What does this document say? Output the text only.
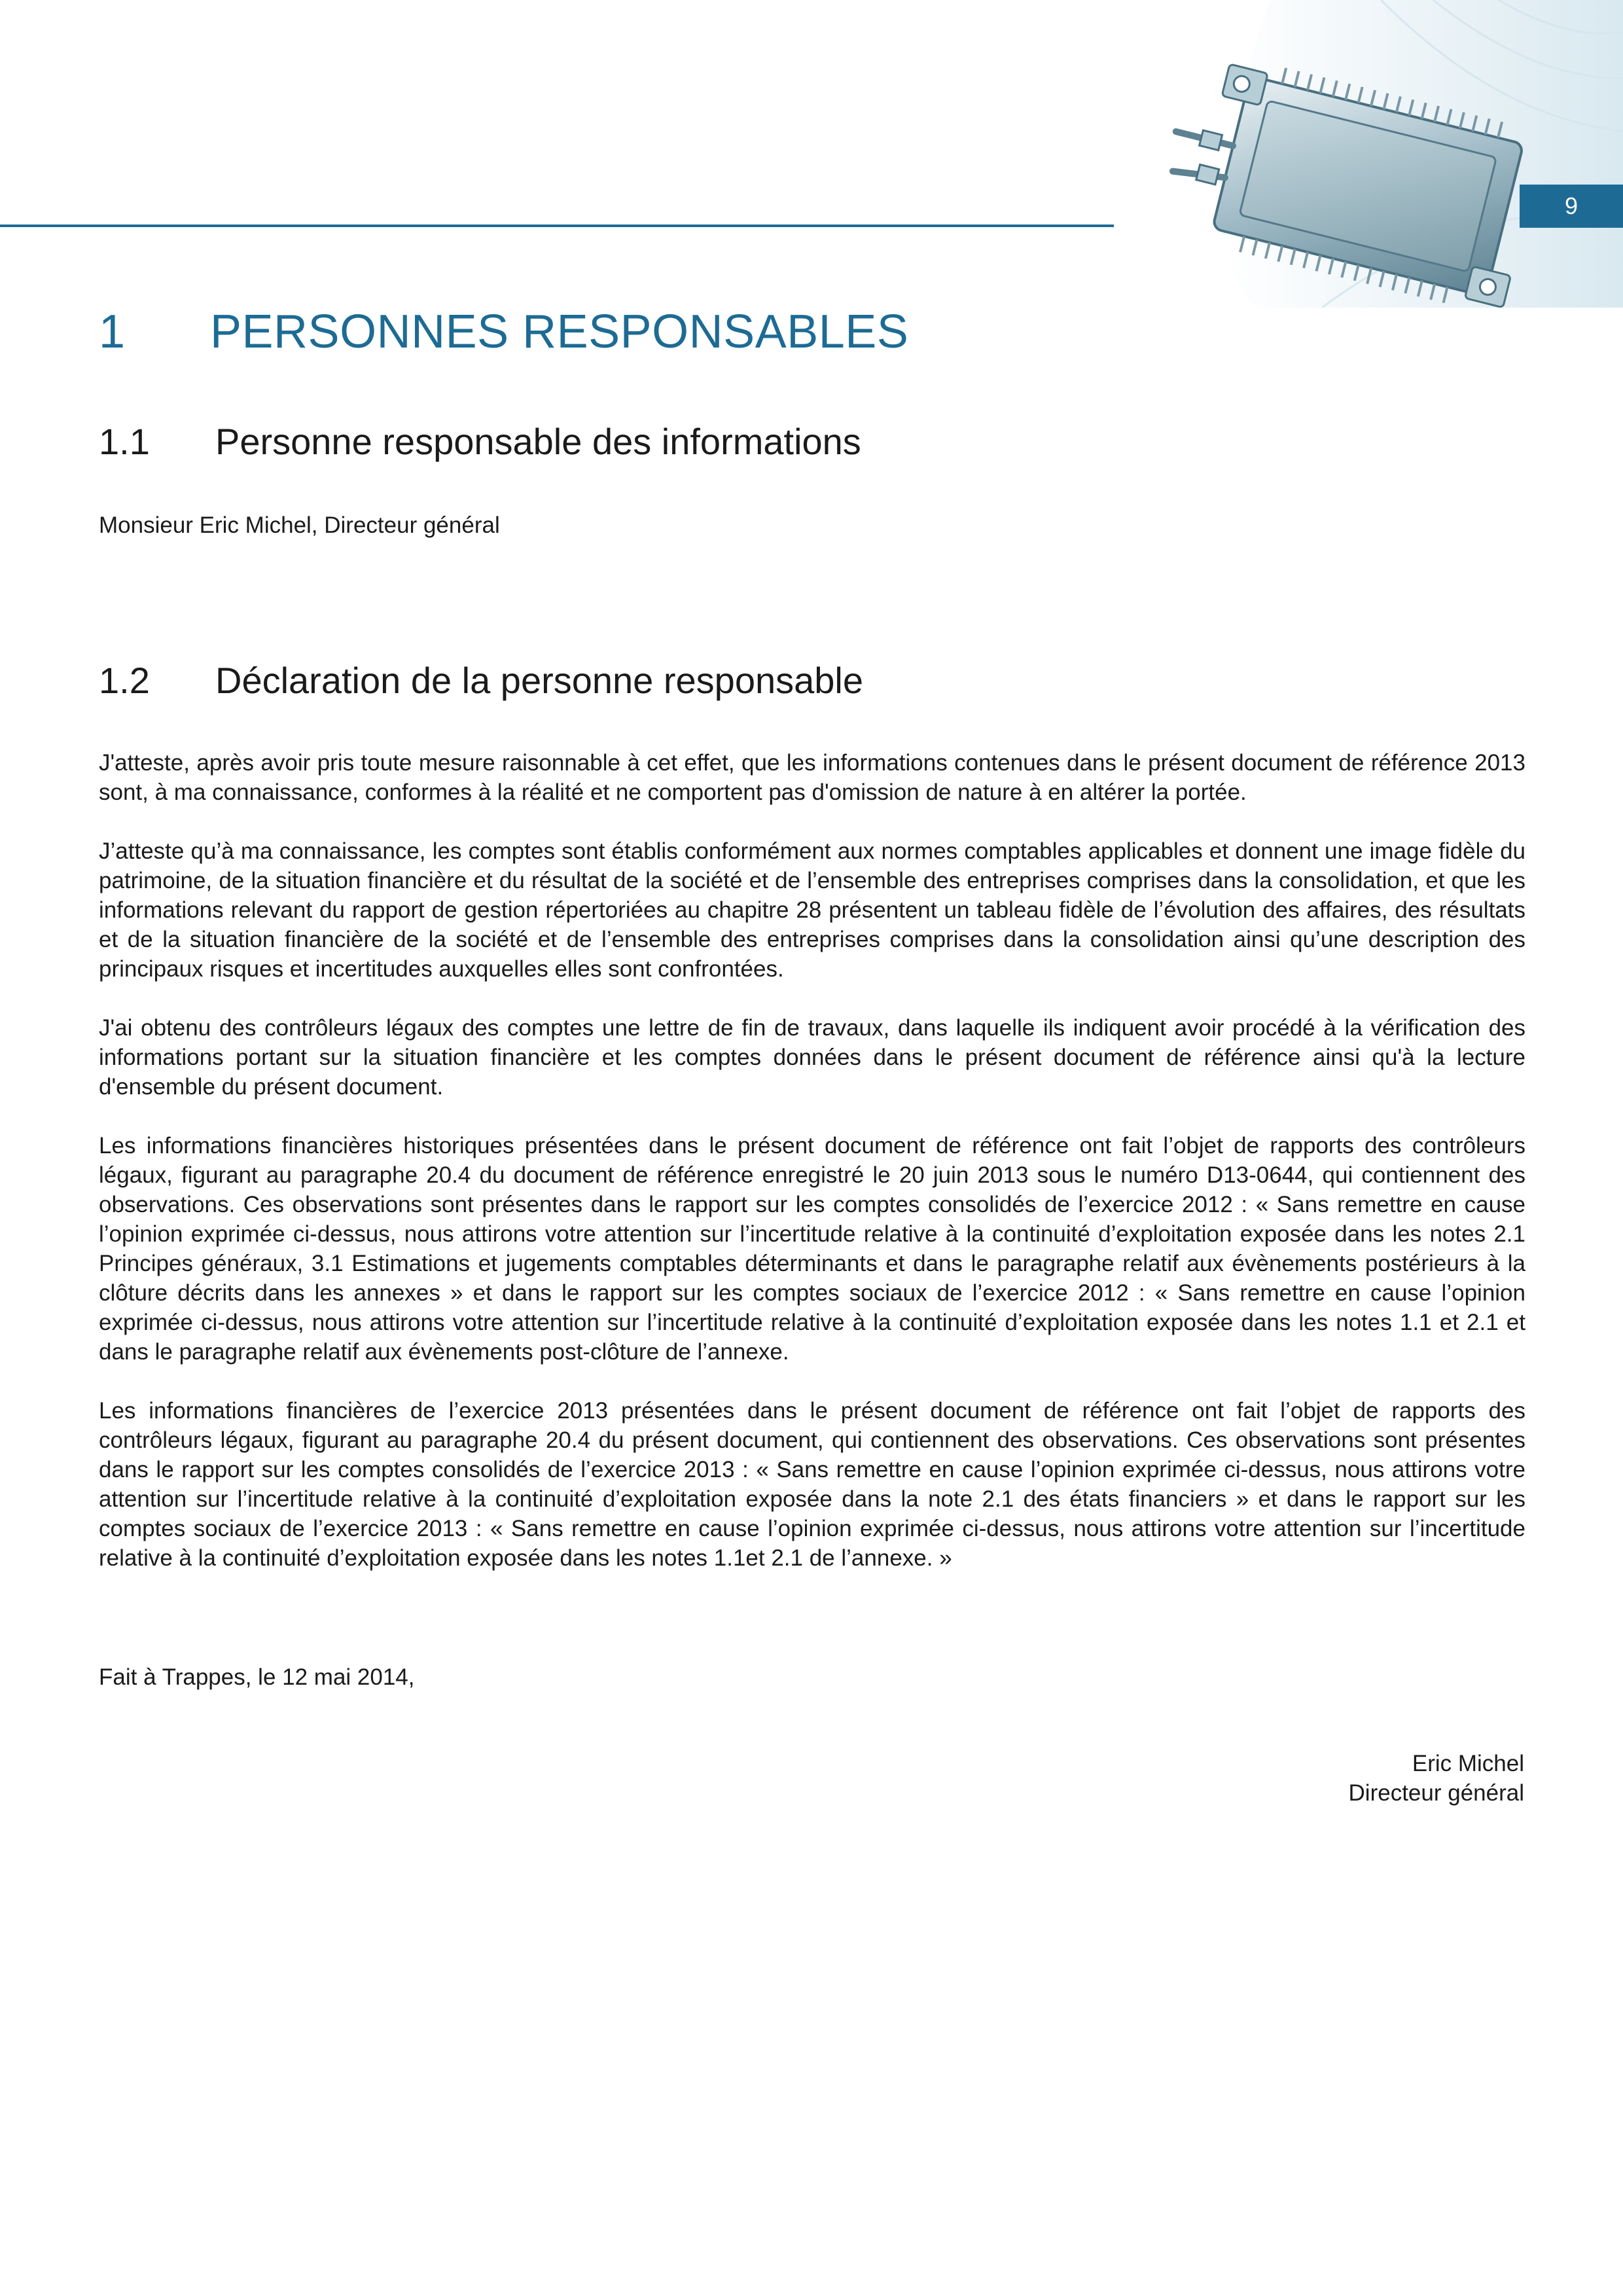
9
1 PERSONNES RESPONSABLES
1.1 Personne responsable des informations
Monsieur Eric Michel, Directeur général
1.2 Déclaration de la personne responsable

J'atteste, après avoir pris toute mesure raisonnable à cet effet, que les informations contenues dans le présent document de référence 2013 sont, à ma connaissance, conformes à la réalité et ne comportent pas d'omission de nature à en altérer la portée.

J’atteste qu’à ma connaissance, les comptes sont établis conformément aux normes comptables applicables et donnent une image fidèle du patrimoine, de la situation financière et du résultat de la société et de l’ensemble des entreprises comprises dans la consolidation, et que les informations relevant du rapport de gestion répertoriées au chapitre 28 présentent un tableau fidèle de l’évolution des affaires, des résultats et de la situation financière de la société et de l’ensemble des entreprises comprises dans la consolidation ainsi qu’une description des principaux risques et incertitudes auxquelles elles sont confrontées.

J'ai obtenu des contrôleurs légaux des comptes une lettre de fin de travaux, dans laquelle ils indiquent avoir procédé à la vérification des informations portant sur la situation financière et les comptes données dans le présent document de référence ainsi qu'à la lecture d'ensemble du présent document.

Les informations financières historiques présentées dans le présent document de référence ont fait l’objet de rapports des contrôleurs légaux, figurant au paragraphe 20.4 du document de référence enregistré le 20 juin 2013 sous le numéro D13-0644, qui contiennent des observations. Ces observations sont présentes dans le rapport sur les comptes consolidés de l’exercice 2012 : « Sans remettre en cause l’opinion exprimée ci-dessus, nous attirons votre attention sur l’incertitude relative à la continuité d’exploitation exposée dans les notes 2.1 Principes généraux, 3.1 Estimations et jugements comptables déterminants et dans le paragraphe relatif aux évènements postérieurs à la clôture décrits dans les annexes » et dans le rapport sur les comptes sociaux de l’exercice 2012 : « Sans remettre en cause l’opinion exprimée ci-dessus, nous attirons votre attention sur l’incertitude relative à la continuité d’exploitation exposée dans les notes 1.1 et 2.1 et dans le paragraphe relatif aux évènements post-clôture de l’annexe.

Les informations financières de l’exercice 2013 présentées dans le présent document de référence ont fait l’objet de rapports des contrôleurs légaux, figurant au paragraphe 20.4 du présent document, qui contiennent des observations. Ces observations sont présentes dans le rapport sur les comptes consolidés de l’exercice 2013 : « Sans remettre en cause l’opinion exprimée ci-dessus, nous attirons votre attention sur l’incertitude relative à la continuité d’exploitation exposée dans la note 2.1 des états financiers » et dans le rapport sur les comptes sociaux de l’exercice 2013 : « Sans remettre en cause l’opinion exprimée ci-dessus, nous attirons votre attention sur l’incertitude relative à la continuité d’exploitation exposée dans les notes 1.1et 2.1 de l’annexe. »

Fait à Trappes, le 12 mai 2014,
Eric Michel
Directeur général
